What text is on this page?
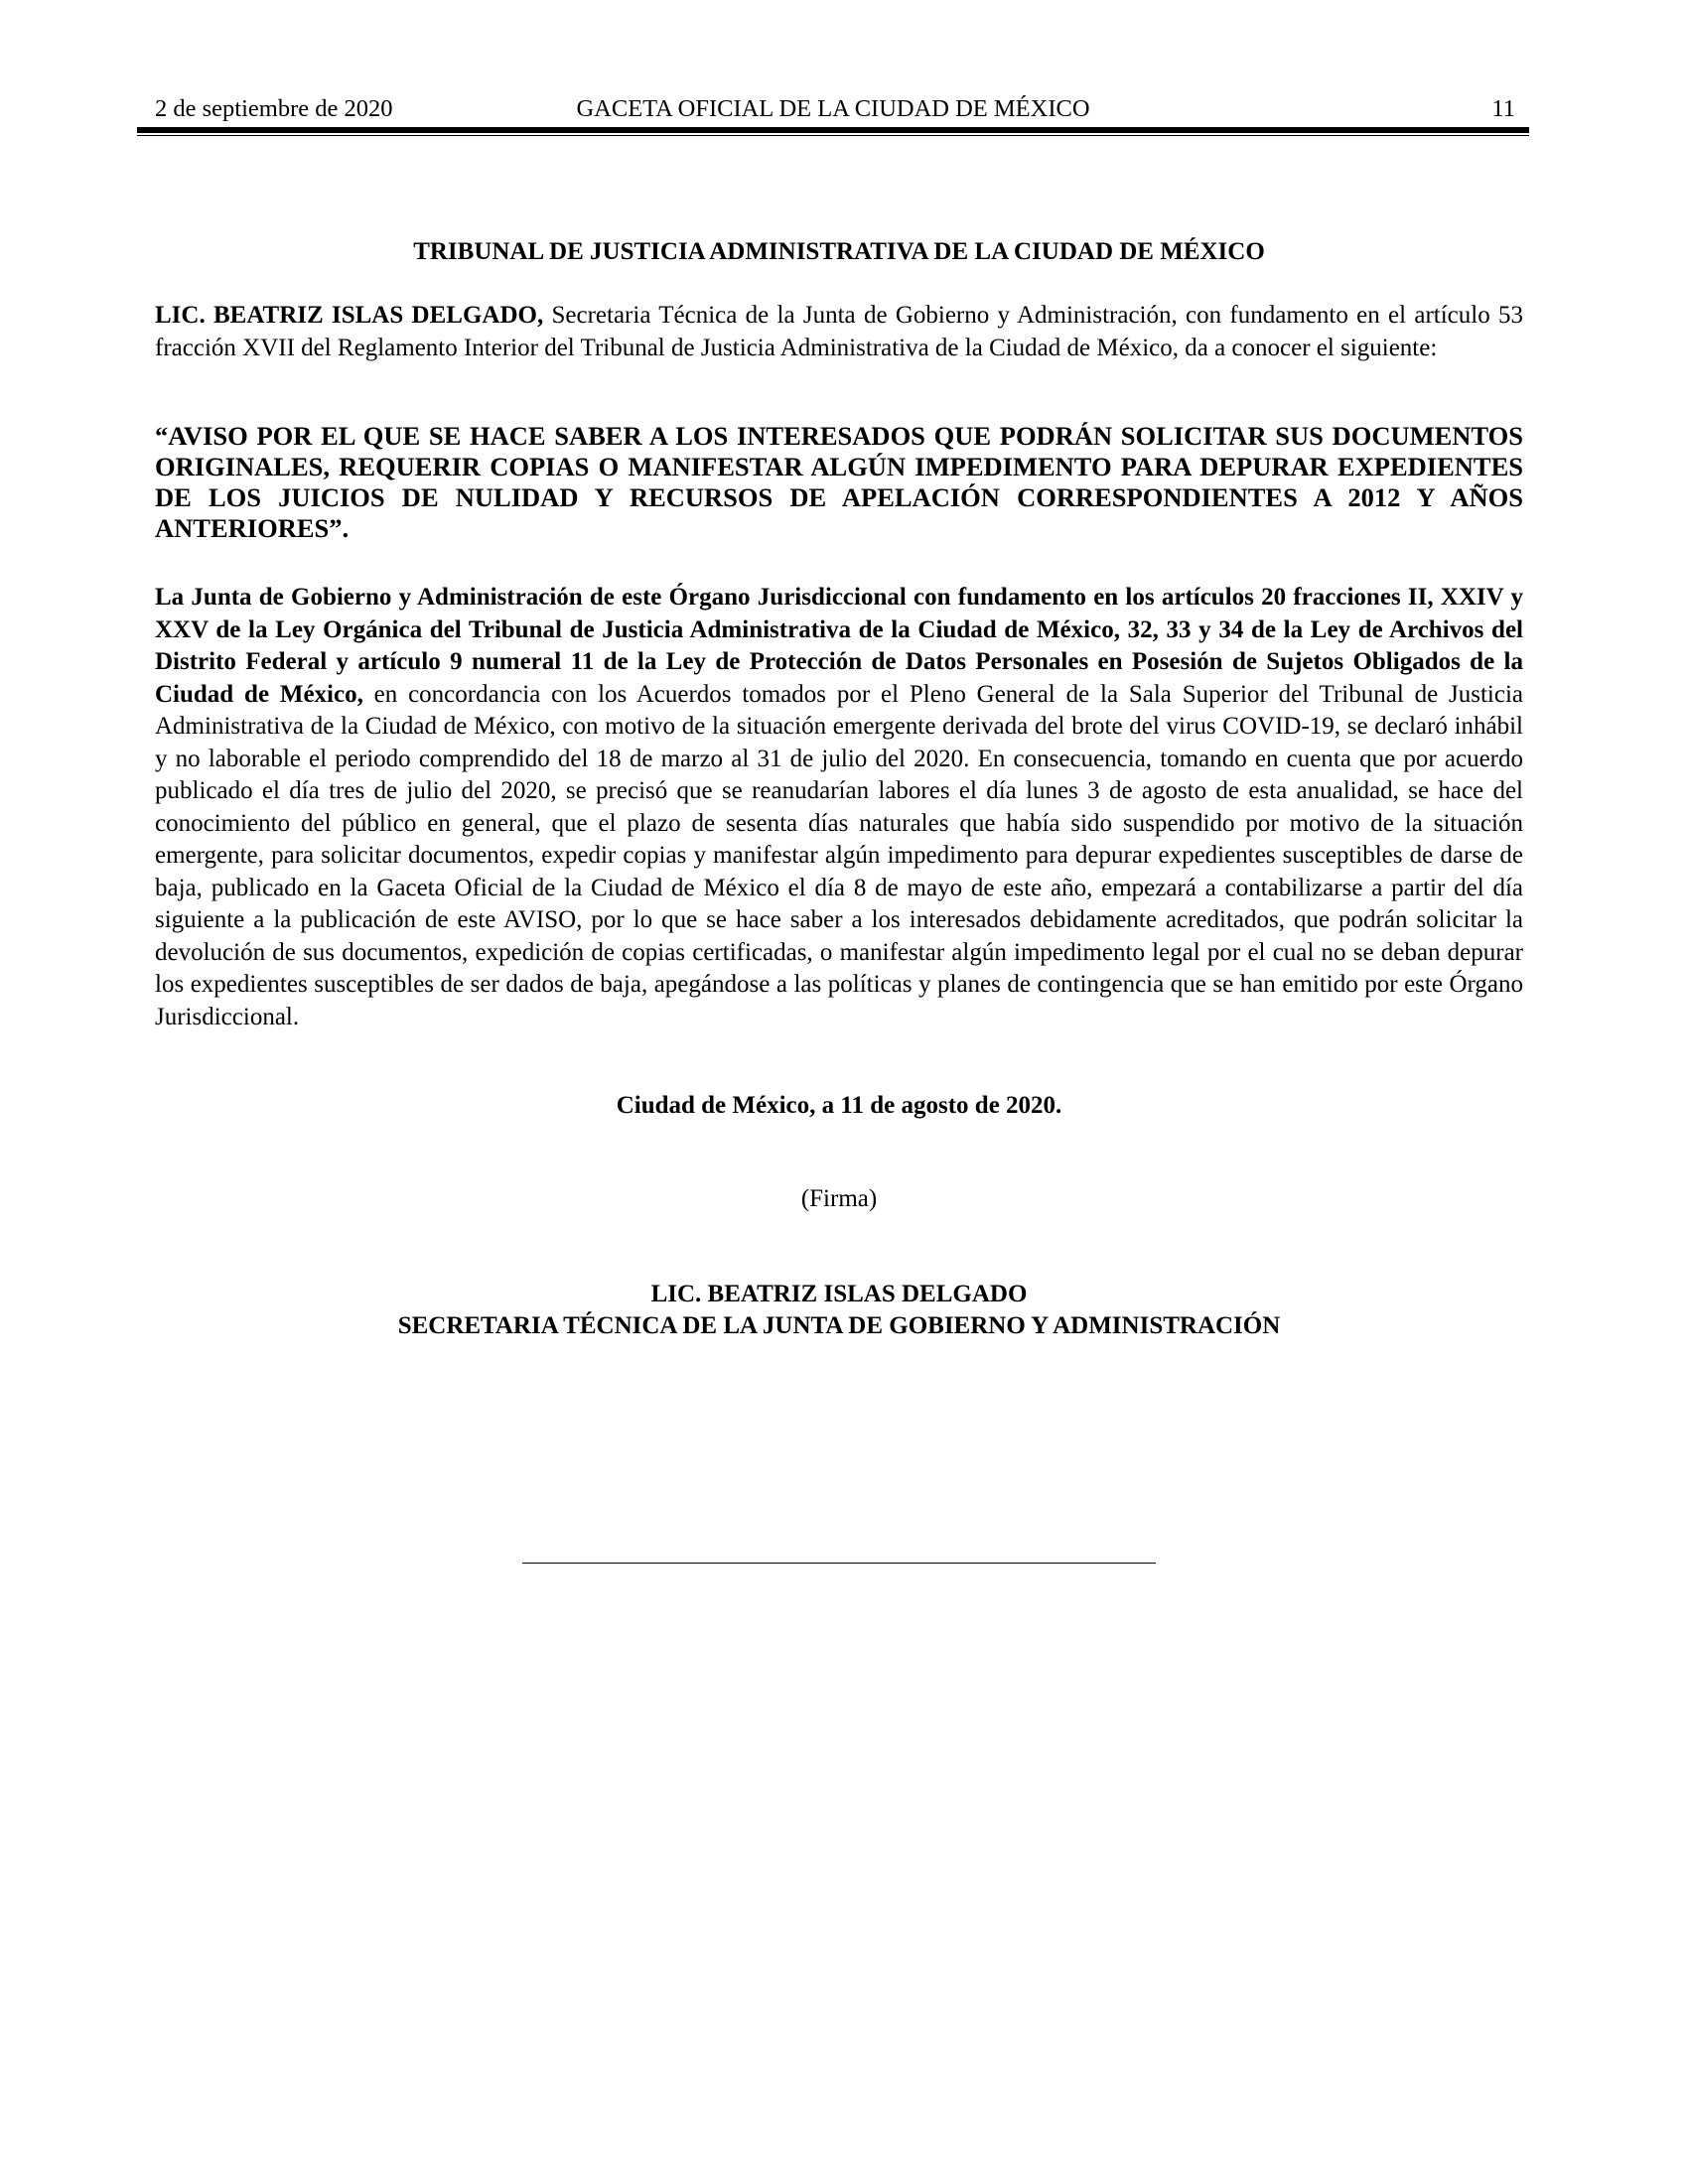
2 de septiembre de 2020	GACETA OFICIAL DE LA CIUDAD DE MÉXICO	11
TRIBUNAL DE JUSTICIA ADMINISTRATIVA DE LA CIUDAD DE MÉXICO
LIC. BEATRIZ ISLAS DELGADO, Secretaria Técnica de la Junta de Gobierno y Administración, con fundamento en el artículo 53 fracción XVII del Reglamento Interior del Tribunal de Justicia Administrativa de la Ciudad de México, da a conocer el siguiente:
“AVISO POR EL QUE SE HACE SABER A LOS INTERESADOS QUE PODRÁN SOLICITAR SUS DOCUMENTOS ORIGINALES, REQUERIR COPIAS O MANIFESTAR ALGÚN IMPEDIMENTO PARA DEPURAR EXPEDIENTES DE LOS JUICIOS DE NULIDAD Y RECURSOS DE APELACIÓN CORRESPONDIENTES A 2012 Y AÑOS ANTERIORES”.
La Junta de Gobierno y Administración de este Órgano Jurisdiccional con fundamento en los artículos 20 fracciones II, XXIV y XXV de la Ley Orgánica del Tribunal de Justicia Administrativa de la Ciudad de México, 32, 33 y 34 de la Ley de Archivos del Distrito Federal y artículo 9 numeral 11 de la Ley de Protección de Datos Personales en Posesión de Sujetos Obligados de la Ciudad de México, en concordancia con los Acuerdos tomados por el Pleno General de la Sala Superior del Tribunal de Justicia Administrativa de la Ciudad de México, con motivo de la situación emergente derivada del brote del virus COVID-19, se declaró inhábil y no laborable el periodo comprendido del 18 de marzo al 31 de julio del 2020. En consecuencia, tomando en cuenta que por acuerdo publicado el día tres de julio del 2020, se precisó que se reanudarían labores el día lunes 3 de agosto de esta anualidad, se hace del conocimiento del público en general, que el plazo de sesenta días naturales que había sido suspendido por motivo de la situación emergente, para solicitar documentos, expedir copias y manifestar algún impedimento para depurar expedientes susceptibles de darse de baja, publicado en la Gaceta Oficial de la Ciudad de México el día 8 de mayo de este año, empezará a contabilizarse a partir del día siguiente a la publicación de este AVISO, por lo que se hace saber a los interesados debidamente acreditados, que podrán solicitar la devolución de sus documentos, expedición de copias certificadas, o manifestar algún impedimento legal por el cual no se deban depurar los expedientes susceptibles de ser dados de baja, apegándose a las políticas y planes de contingencia que se han emitido por este Órgano Jurisdiccional.
Ciudad de México, a 11 de agosto de 2020.
(Firma)
LIC. BEATRIZ ISLAS DELGADO
SECRETARIA TÉCNICA DE LA JUNTA DE GOBIERNO Y ADMINISTRACIÓN
